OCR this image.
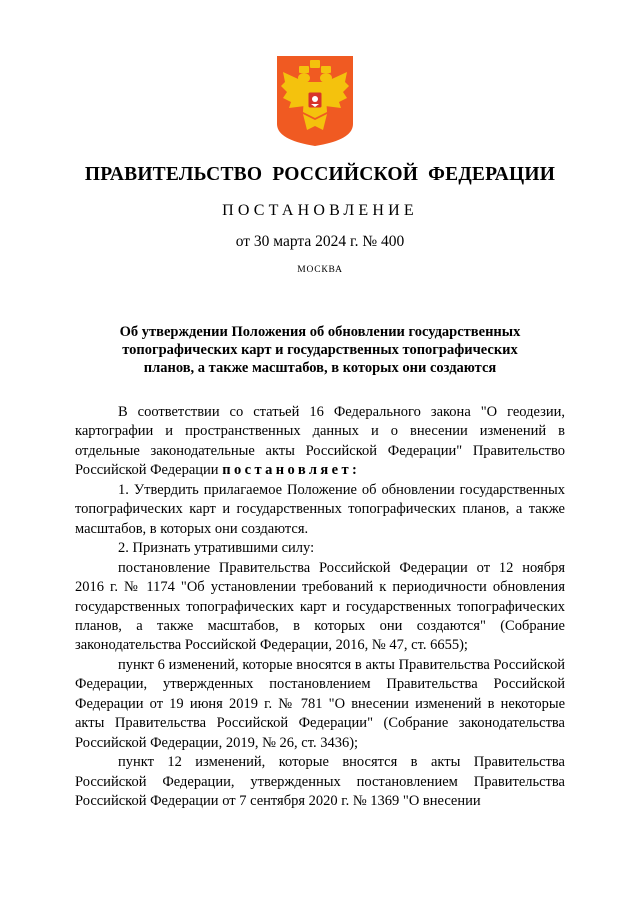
ПРАВИТЕЛЬСТВО РОССИЙСКОЙ ФЕДЕРАЦИИ
ПОСТАНОВЛЕНИЕ
от 30 марта 2024 г. № 400
МОСКВА
Об утверждении Положения об обновлении государственных топографических карт и государственных топографических планов, а также масштабов, в которых они создаются

В соответствии со статьей 16 Федерального закона "О геодезии, картографии и пространственных данных и о внесении изменений в отдельные законодательные акты Российской Федерации" Правительство Российской Федерации постановляет:

1. Утвердить прилагаемое Положение об обновлении государственных топографических карт и государственных топографических планов, а также масштабов, в которых они создаются.

2. Признать утратившими силу:

постановление Правительства Российской Федерации от 12 ноября 2016 г. № 1174 "Об установлении требований к периодичности обновления государственных топографических карт и государственных топографических планов, а также масштабов, в которых они создаются" (Собрание законодательства Российской Федерации, 2016, № 47, ст. 6655);

пункт 6 изменений, которые вносятся в акты Правительства Российской Федерации, утвержденных постановлением Правительства Российской Федерации от 19 июня 2019 г. № 781 "О внесении изменений в некоторые акты Правительства Российской Федерации" (Собрание законодательства Российской Федерации, 2019, № 26, ст. 3436);

пункт 12 изменений, которые вносятся в акты Правительства Российской Федерации, утвержденных постановлением Правительства Российской Федерации от 7 сентября 2020 г. № 1369 "О внесении
